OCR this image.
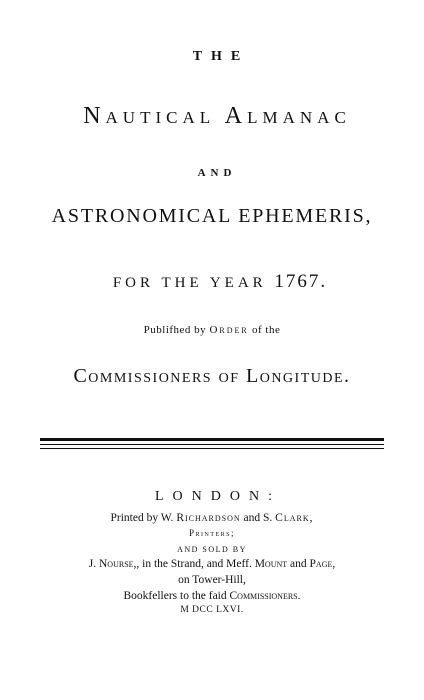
THE
Nautical Almanac
AND
ASTRONOMICAL EPHEMERIS,
FOR THE YEAR 1767.
Publifhed by Order of the
Commissioners of Longitude.
LONDON:
Printed by W. Richardson and S. Clark,
Printers;
AND SOLD BY
J. Nourse,, in the Strand, and Meff. Mount and Page,
on Tower-Hill,
Bookfellers to the faid Commissioners.
M DCC LXVI.
